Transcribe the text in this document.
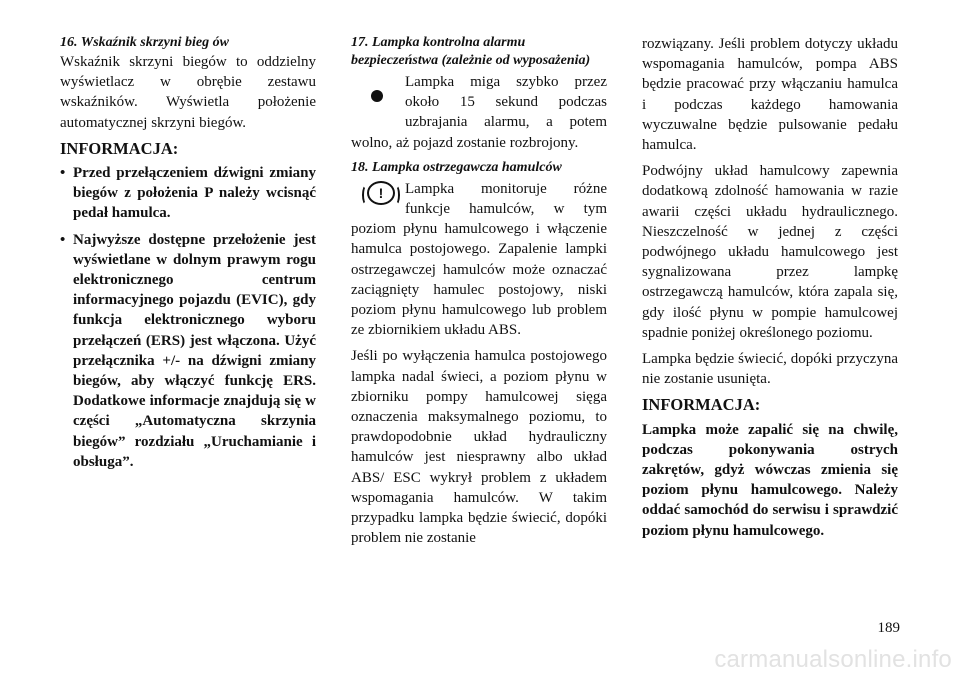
16. Wskaźnik skrzyni bieg ów

Wskaźnik skrzyni biegów to oddzielny wyświetlacz w obrębie zestawu wskaźników. Wyświetla położenie automatycznej skrzyni biegów.

INFORMACJA:
• Przed przełączeniem dźwigni zmiany biegów z położenia P należy wcisnąć pedał hamulca.
• Najwyższe dostępne przełożenie jest wyświetlane w dolnym prawym rogu elektronicznego centrum informacyjnego pojazdu (EVIC), gdy funkcja elektronicznego wyboru przełączeń (ERS) jest włączona. Użyć przełącznika +/- na dźwigni zmiany biegów, aby włączyć funkcję ERS. Dodatkowe informacje znajdują się w części „Automatyczna skrzynia biegów” rozdziału „Uruchamianie i obsługa”.

17. Lampka kontrolna alarmu bezpieczeństwa (zależnie od wyposażenia)

Lampka miga szybko przez około 15 sekund podczas uzbrajania alarmu, a potem wolno, aż pojazd zostanie rozbrojony.

18. Lampka ostrzegawcza hamulców

!	Lampka monitoruje różne funkcje hamulców, w tym poziom płynu hamulcowego i włączenie hamulca postojowego. Zapalenie lampki ostrzegawczej hamulców może oznaczać zaciągnięty hamulec postojowy, niski poziom płynu hamulcowego lub problem ze zbiornikiem układu ABS.

Jeśli po wyłączenia hamulca postojowego lampka nadal świeci, a poziom płynu w zbiorniku pompy hamulcowej sięga oznaczenia maksymalnego poziomu, to prawdopodobnie układ hydrauliczny hamulców jest niesprawny albo układ ABS/ ESC wykrył problem z układem wspomagania hamulców. W takim przypadku lampka będzie świecić, dopóki problem nie zostanie

rozwiązany. Jeśli problem dotyczy układu wspomagania hamulców, pompa ABS będzie pracować przy włączaniu hamulca i podczas każdego hamowania wyczuwalne będzie pulsowanie pedału hamulca.

Podwójny układ hamulcowy zapewnia dodatkową zdolność hamowania w razie awarii części układu hydraulicznego. Nieszczelność w jednej z części podwójnego układu hamulcowego jest sygnalizowana przez lampkę ostrzegawczą hamulców, która zapala się, gdy ilość płynu w pompie hamulcowej spadnie poniżej określonego poziomu.

Lampka będzie świecić, dopóki przyczyna nie zostanie usunięta.

INFORMACJA:

Lampka może zapalić się na chwilę, podczas pokonywania ostrych zakrętów, gdyż wówczas zmienia się poziom płynu hamulcowego. Należy oddać samochód do serwisu i sprawdzić poziom płynu hamulcowego.

189
carmanualsonline.info
